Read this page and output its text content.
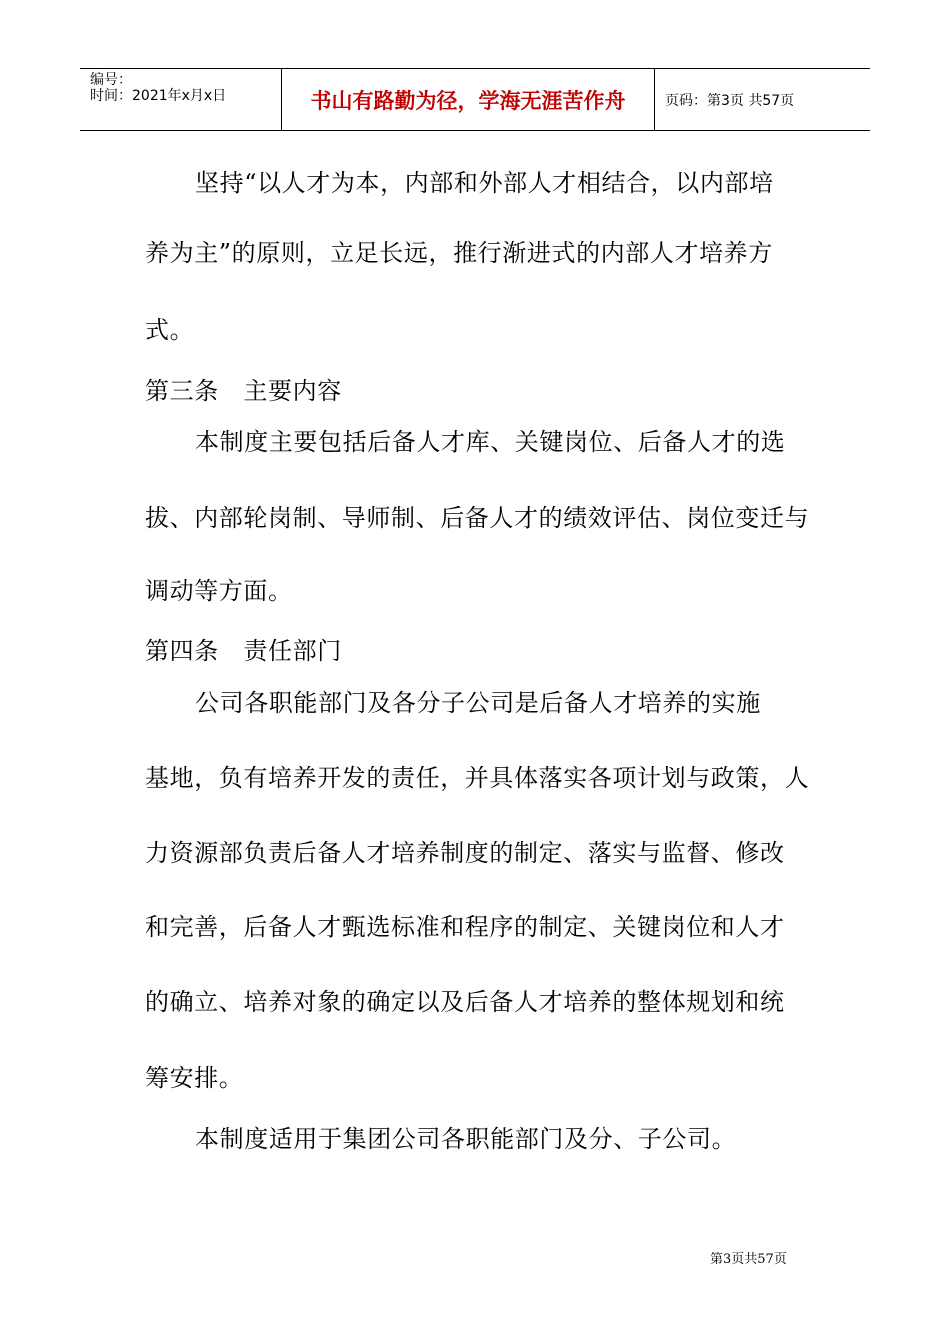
编号：
时间：2021年x月x日	书山有路勤为径，学海无涯苦作舟	页码：第3页 共57页
坚持“以人才为本，内部和外部人才相结合，以内部培
养为主”的原则，立足长远，推行渐进式的内部人才培养方
式。
第三条　主要内容
本制度主要包括后备人才库、关键岗位、后备人才的选
拔、内部轮岗制、导师制、后备人才的绩效评估、岗位变迁与
调动等方面。
第四条　责任部门
公司各职能部门及各分子公司是后备人才培养的实施
基地，负有培养开发的责任，并具体落实各项计划与政策，人
力资源部负责后备人才培养制度的制定、落实与监督、修改
和完善，后备人才甄选标准和程序的制定、关键岗位和人才
的确立、培养对象的确定以及后备人才培养的整体规划和统
筹安排。
本制度适用于集团公司各职能部门及分、子公司。
第3页共57页
